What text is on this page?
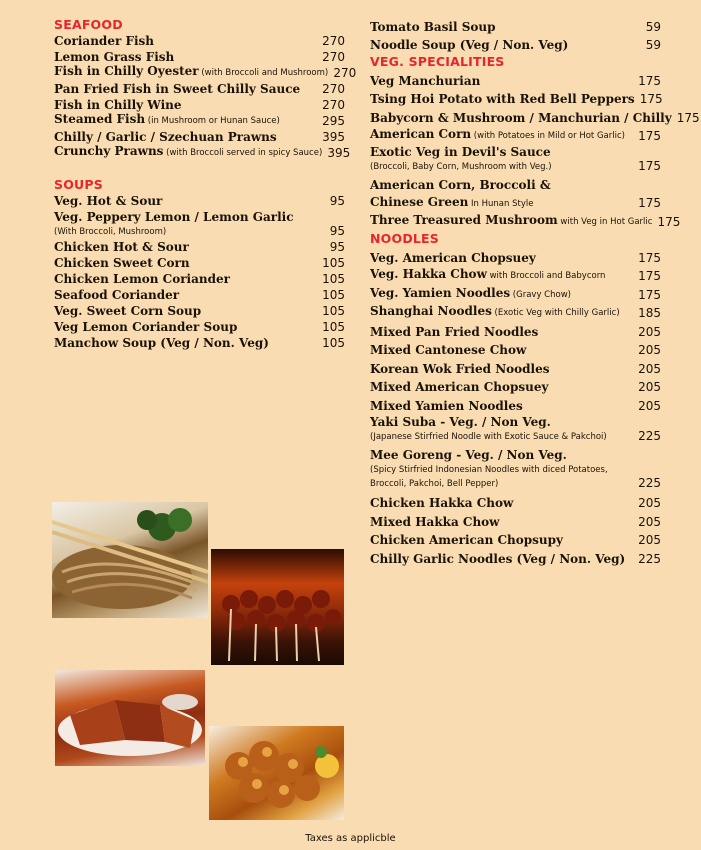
SEAFOOD
Coriander Fish	270
Lemon Grass Fish	270
Fish in Chilly Oyester (with Broccoli and Mushroom) 270
Pan Fried Fish in Sweet Chilly Sauce	270
Fish in Chilly Wine	270
Steamed Fish (in Mushroom or Hunan Sauce)	295
Chilly / Garlic / Szechuan Prawns	395
Crunchy Prawns (with Broccoli served in spicy Sauce) 395
SOUPS
Veg. Hot & Sour	95
Veg. Peppery Lemon / Lemon Garlic
(With Broccoli, Mushroom)	95
Chicken Hot & Sour	95
Chicken Sweet Corn	105
Chicken Lemon Coriander	105
Seafood Coriander	105
Veg. Sweet Corn Soup	105
Veg Lemon Coriander Soup	105
Manchow Soup (Veg / Non. Veg)	105
Tomato Basil Soup	59
Noodle Soup (Veg / Non. Veg)	59
VEG. SPECIALITIES
Veg Manchurian	175
Tsing Hoi Potato with Red Bell Peppers 175
Babycorn & Mushroom / Manchurian / Chilly 175
American Corn (with Potatoes in Mild or Hot Garlic)	175
Exotic Veg in Devil's Sauce
(Broccoli, Baby Corn, Mushroom with Veg.)	175
American Corn, Broccoli &
Chinese Green In Hunan Style	175
Three Treasured Mushroom with Veg in Hot Garlic 175
NOODLES
Veg. American Chopsuey	175
Veg. Hakka Chow with Broccoli and Babycorn	175
Veg. Yamien Noodles (Gravy Chow)	175
Shanghai Noodles (Exotic Veg with Chilly Garlic)	185
Mixed Pan Fried Noodles	205
Mixed Cantonese Chow	205
Korean Wok Fried Noodles	205
Mixed American Chopsuey	205
Mixed Yamien Noodles	205
Yaki Suba - Veg. / Non Veg.
(Japanese Stirfried Noodle with Exotic Sauce & Pakchoi)	225
Mee Goreng - Veg. / Non Veg.
(Spicy Stirfried Indonesian Noodles with diced Potatoes,
Broccoli, Pakchoi, Bell Pepper)	225
Chicken Hakka Chow	205
Mixed Hakka Chow	205
Chicken American Chopsupy	205
Chilly Garlic Noodles (Veg / Non. Veg)	225
Taxes as applicble
